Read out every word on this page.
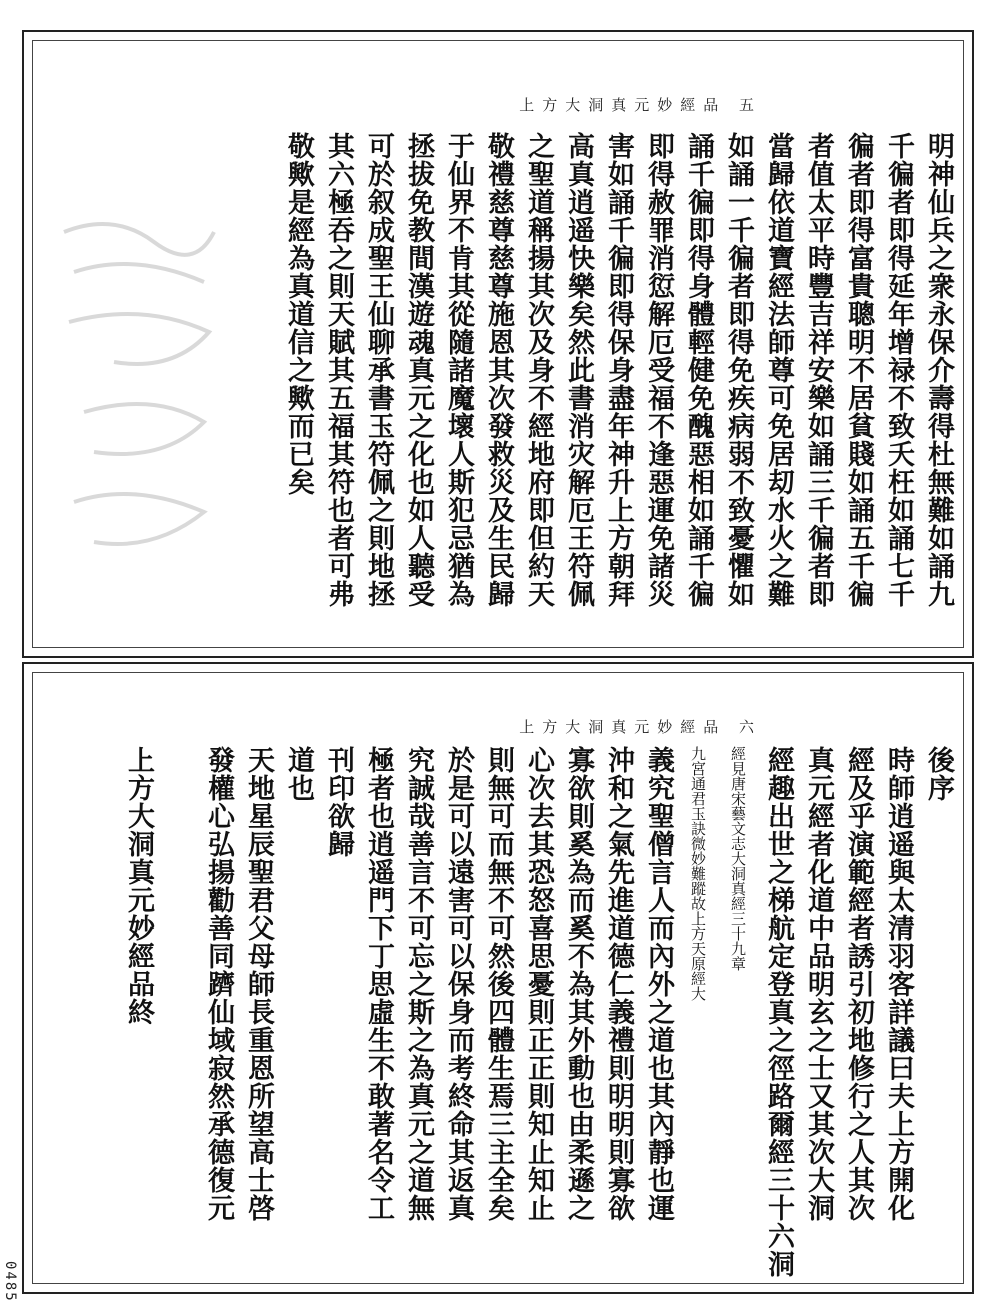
上方大洞真元妙經品 五
明神仙兵之衆永保介壽得杜無難如誦九
千徧者即得延年增禄不致夭枉如誦七千
徧者即得富貴聰明不居貧賤如誦五千徧
者值太平時豐吉祥安樂如誦三千徧者即
當歸依道寶經法師尊可免居刧水火之難
如誦一千徧者即得免疾病弱不致憂懼如
誦千徧即得身體輕健免醜惡相如誦千徧
即得赦罪消愆解厄受福不逢惡運免諸災
害如誦千徧即得保身盡年神升上方朝拜
高真逍遥快樂矣然此書消灾解厄王符佩
之聖道稱揚其次及身不經地府即但約天
敬禮慈尊慈尊施恩其次發救災及生民歸
于仙界不肯其從隨諸魔壞人斯犯忌猶為
拯拔免教間漢遊魂真元之化也如人聽受
可於叙成聖王仙聊承書玉符佩之則地拯
其六極吞之則天賦其五福其符也者可弗
敬歟是經為真道信之歟而已矣
上方大洞真元妙經品 六
後序
時師逍遥與太清羽客詳議曰夫上方開化
經及乎演範經者誘引初地修行之人其次
真元經者化道中品明玄之士又其次大洞
經趣出世之梯航定登真之徑路爾經三十六洞
經見唐宋藝文志大洞真經三十九章
九宮通君玉訣微妙難蹤故上方天原經大
義究聖僧言人而內外之道也其內靜也運
沖和之氣先進道德仁義禮則明明則寡欲
寡欲則奚為而奚不為其外動也由柔遜之
心次去其恐怒喜思憂則正正則知止知止
則無可而無不可然後四體生焉三主全矣
於是可以遠害可以保身而考終命其返真
究誠哉善言不可忘之斯之為真元之道無
極者也逍遥門下丁思虛生不敢著名令工
刊印欲歸
道也
天地星辰聖君父母師長重恩所望高士啓
發權心弘揚勸善同躋仙域寂然承德復元
上方大洞真元妙經品終
0485
